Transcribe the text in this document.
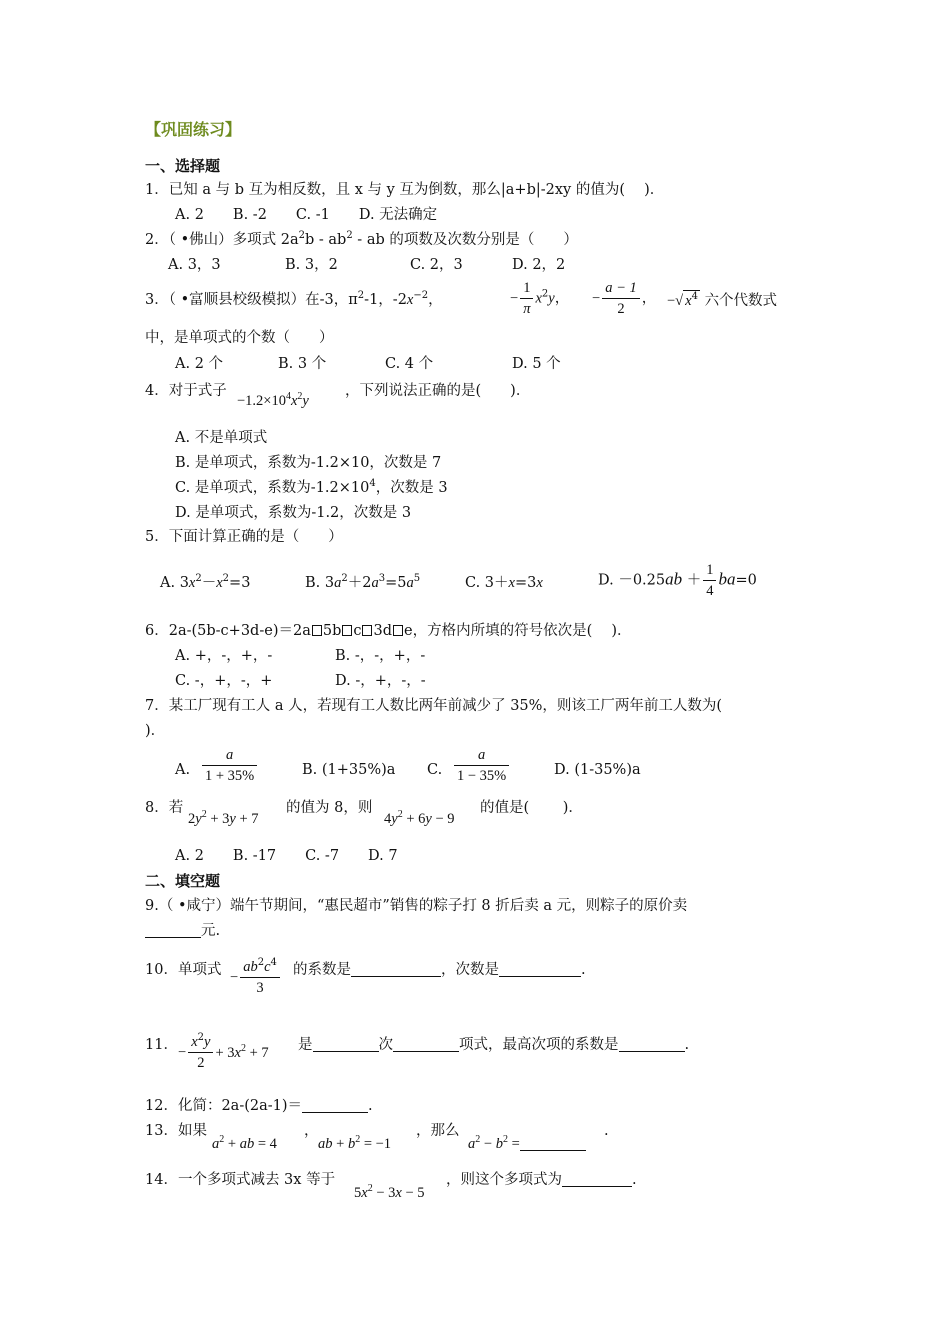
【巩固练习】
一、选择题
1．已知 a 与 b 互为相反数，且 x 与 y 互为倒数，那么|a+b|-2xy 的值为(　 )．
A. 2　　B. -2　　C. -1　　D. 无法确定
2．（ •佛山）多项式 $2a^2b - ab^2$ - ab 的项数及次数分别是（　　）
A. 3，3	B. 3，2	C. 2，3	D. 2，2
3．（ •富顺县校级模拟）在-3，$\pi^2-1$，$-2x^{-2}$，	− $\frac{1}{\pi} x^2y$， − $\frac{a - 1}{2}$ ， −√ $x^4$ 六个代数式
中，是单项式的个数（　　）
A. 2 个	B. 3 个	C. 4 个	D. 5 个
4．对于式子
$-1.2\times 10^4x^2y$
，下列说法正确的是(　　)．
A. 不是单项式
B. 是单项式，系数为-1.2×10，次数是 7
C. 是单项式，系数为$-1.2\times 10^4$，次数是 3
D. 是单项式，系数为-1.2，次数是 3
5．下面计算正确的是（　　）
A. $3x^2-x^2=3$	B. $3a^2+2a^3=5a^5$	C. 3＋x=3x	D. $-0.25ab + \frac{1}{4} ba=0$
6．2a-(5b-c+3d-e)＝2a 5b c 3d e，方格内所填的符号依次是(　 )．
A. +，-，+，-	B. -，-，+，-
C. -，+，-，+	D. -，+，-，-
7．某工厂现有工人 a 人，若现有工人数比两年前减少了 35%，则该工厂两年前工人数为(
)．
A. $\frac{a}{1 + 35\%}$	B. (1+35%)a C. $\frac{a}{1 - 35\%}$	D. (1-35%)a
8．若
$2y^2 + 3y + 7$
的值为 8，则
$4y^2 + 6y - 9$
的值是(　　 )．
A. 2　　B. -17　　C. -7　　D. 7
二、填空题
9.（ •咸宁）端午节期间，“惠民超市”销售的粽子打 8 折后卖 a 元，则粽子的原价卖
元.
10．单项式 − $\frac{ab^2c^4}{3}$ 的系数是	，次数是	.
11． − $\frac{x^2y}{2} + 3x^2 + 7$ 是	次	项式，最高次项的系数是	.
12．化简：2a-(2a-1)＝	.
13．如果
$a^2$ + ab = 4
，
ab + $b^2 = -1$
，那么
$a^2 - b^2$ =
.
14．一个多项式减去 3x 等于
$5x^2 - 3x - 5$
，则这个多项式为	.
